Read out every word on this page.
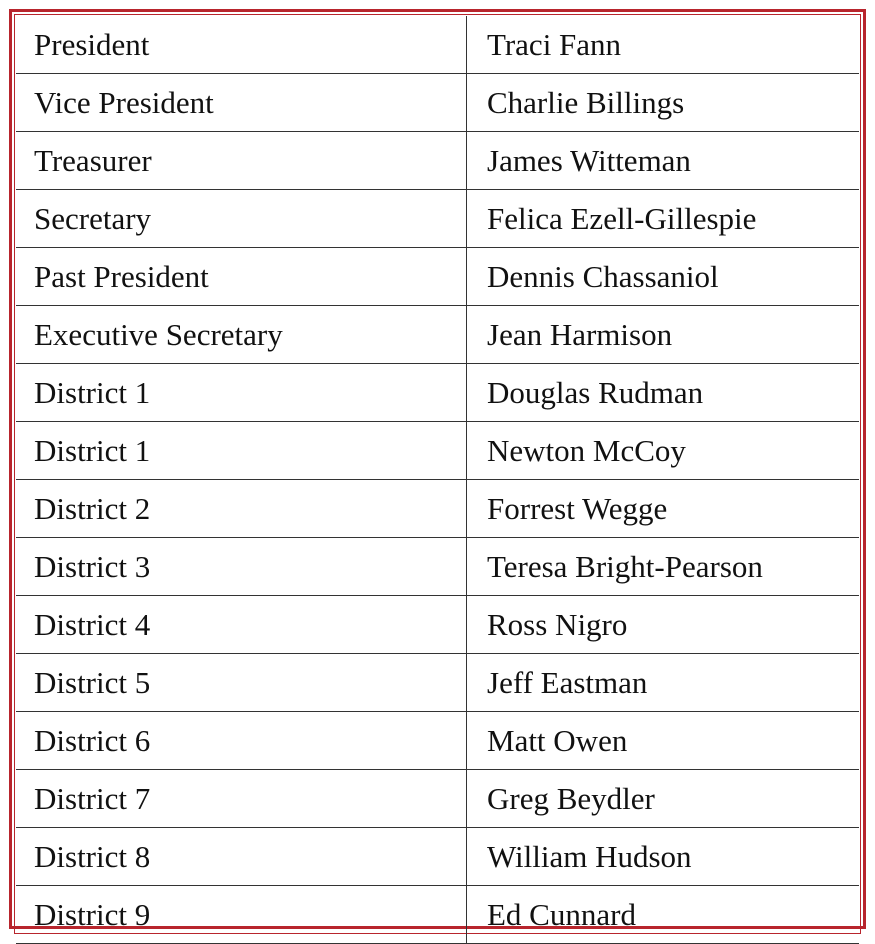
President	Traci Fann
Vice President	Charlie Billings
Treasurer	James Witteman
Secretary	Felica Ezell-Gillespie
Past President	Dennis Chassaniol
Executive Secretary	Jean Harmison
District 1	Douglas Rudman
District 1	Newton McCoy
District 2	Forrest Wegge
District 3	Teresa Bright-Pearson
District 4	Ross Nigro
District 5	Jeff Eastman
District 6	Matt Owen
District 7	Greg Beydler
District 8	William Hudson
District 9	Ed Cunnard
